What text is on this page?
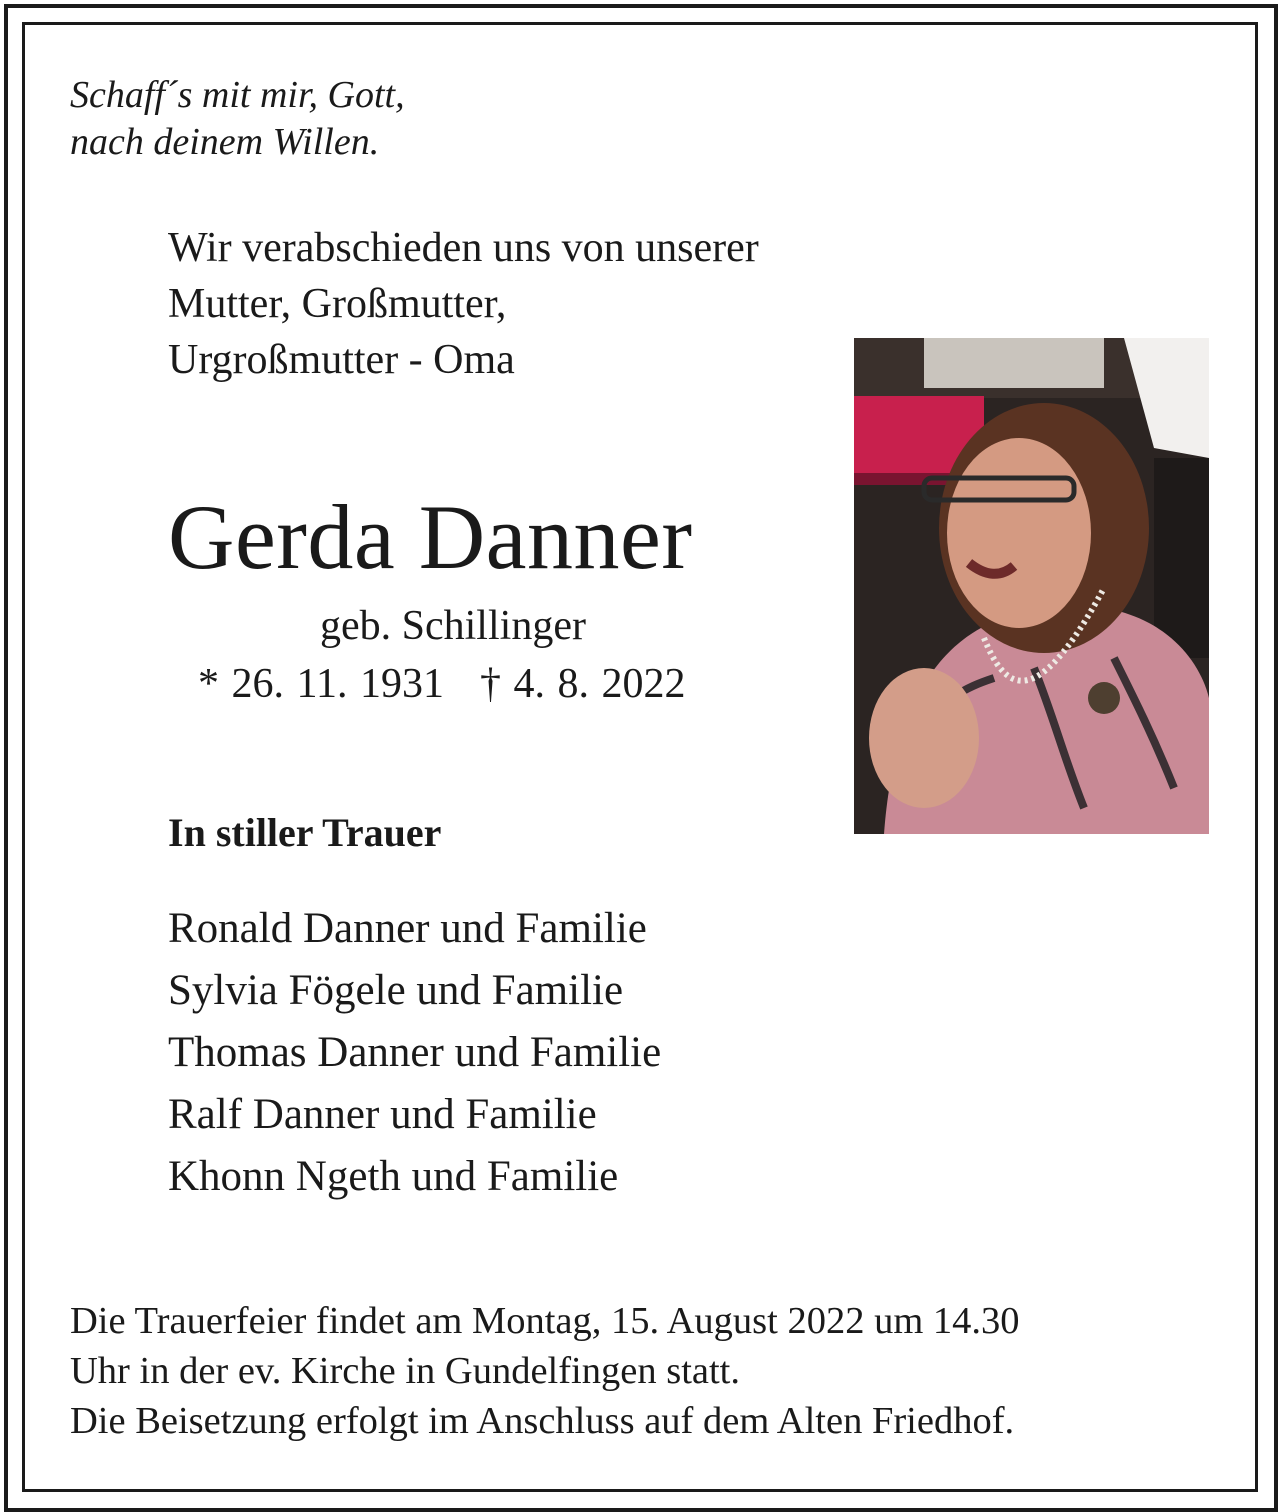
Schaff´s mit mir, Gott,
nach deinem Willen.

Wir verabschieden uns von unserer
Mutter, Großmutter,
Urgroßmutter - Oma

Gerda Danner

geb. Schillinger

* 26. 11. 1931 † 4. 8. 2022

In stiller Trauer

Ronald Danner und Familie
Sylvia Fögele und Familie
Thomas Danner und Familie
Ralf Danner und Familie
Khonn Ngeth und Familie

Die Trauerfeier findet am Montag, 15. August 2022 um 14.30
Uhr in der ev. Kirche in Gundelfingen statt.
Die Beisetzung erfolgt im Anschluss auf dem Alten Friedhof.
